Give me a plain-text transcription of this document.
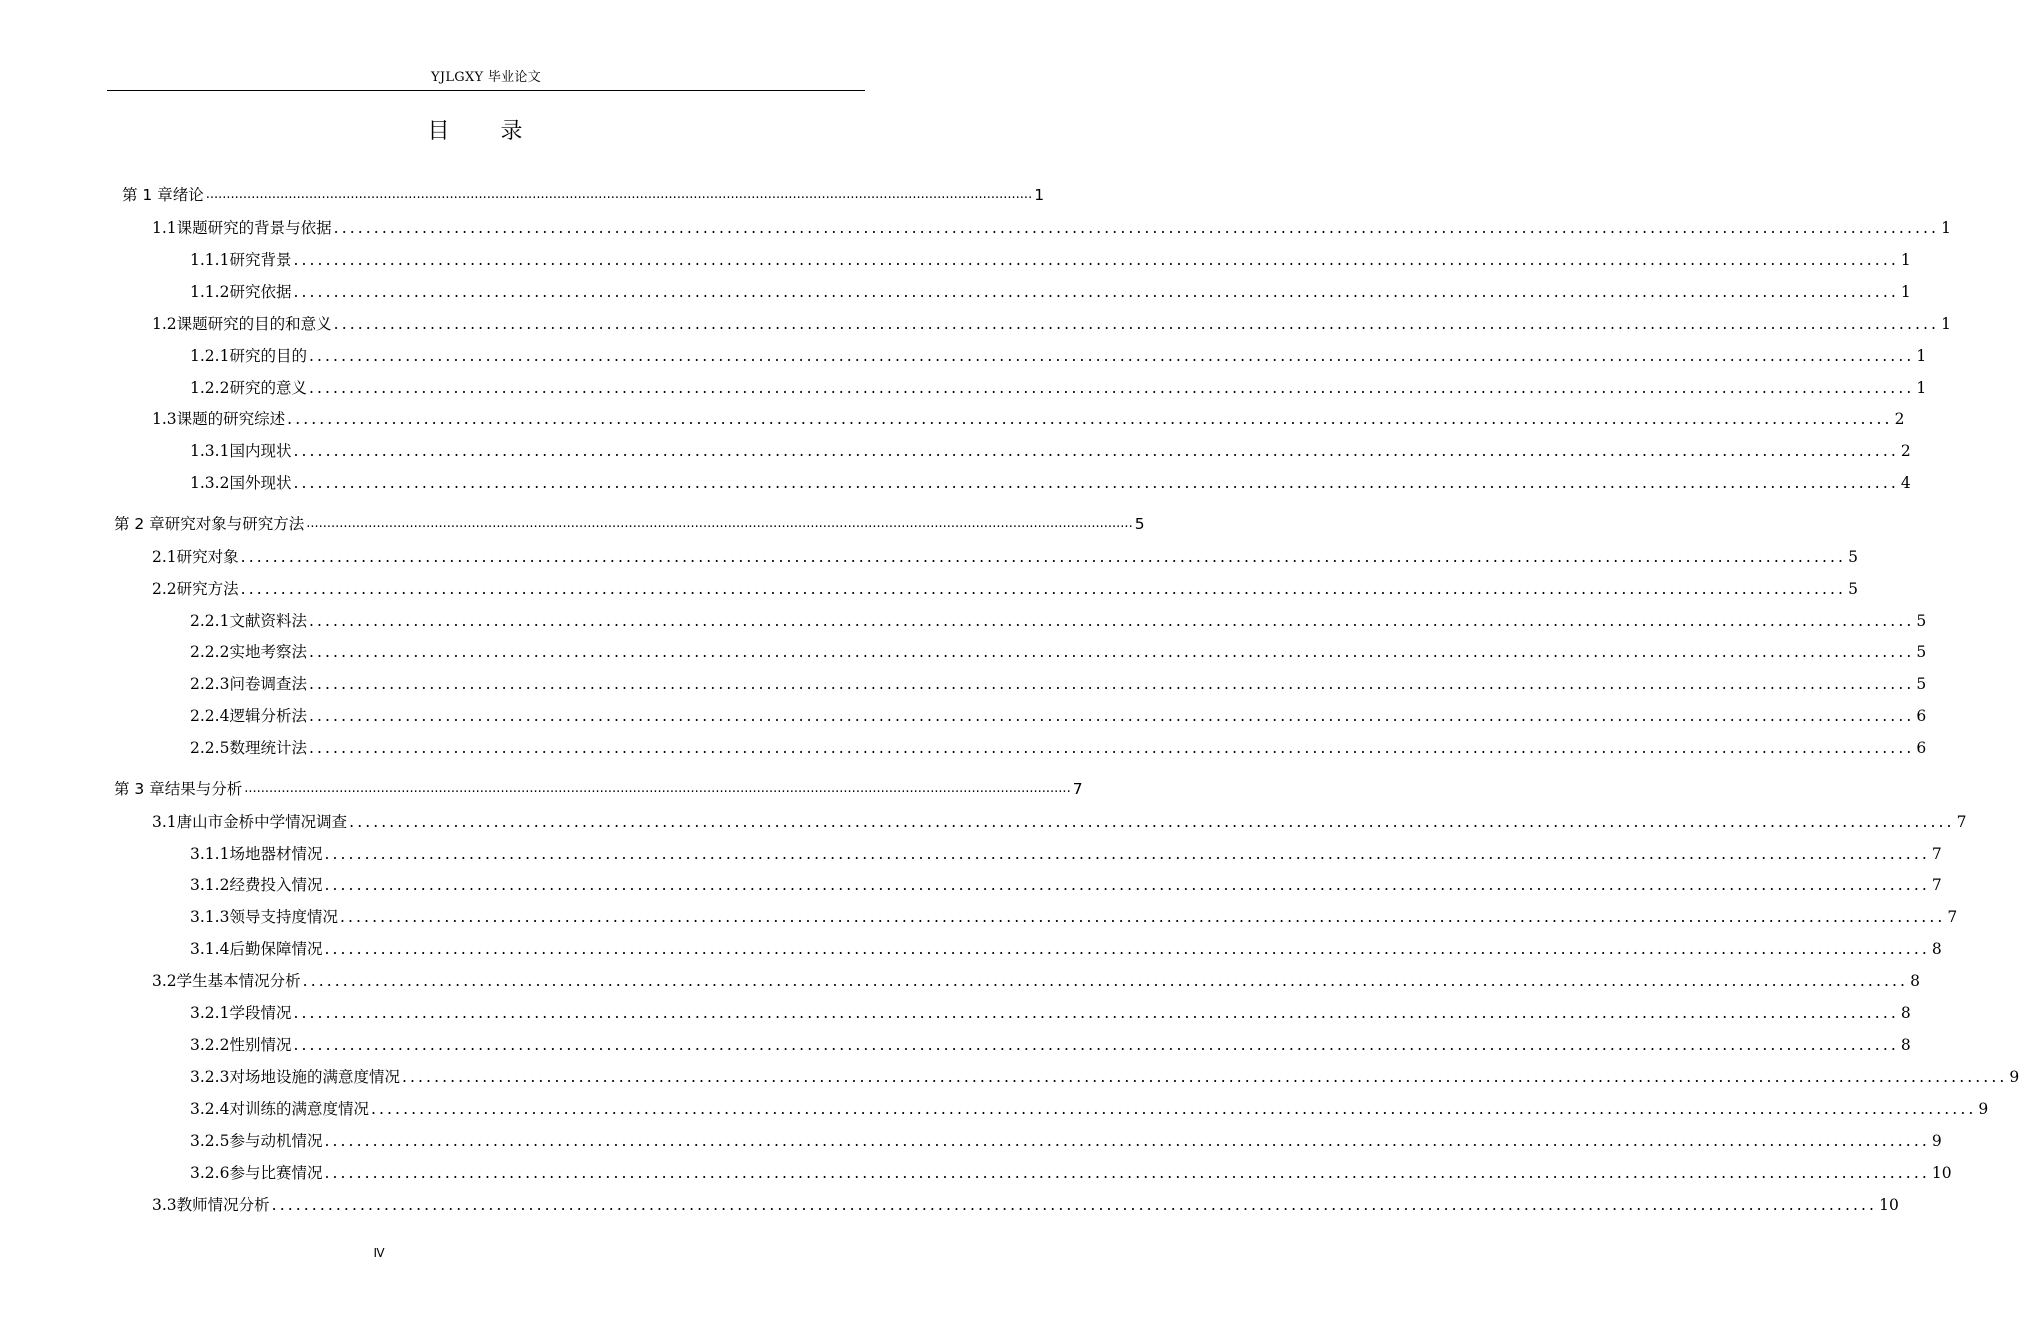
YJLGXY 毕业论文
目 录
第 1 章 绪论 ........................................................................................................................................................................................................ 1
1.1 课题研究的背景与依据 ........................................................................................................................................................................................................ 1
1.1.1 研究背景 ........................................................................................................................................................................................................ 1
1.1.2 研究依据 ........................................................................................................................................................................................................ 1
1.2 课题研究的目的和意义 ........................................................................................................................................................................................................ 1
1.2.1 研究的目的 ........................................................................................................................................................................................................ 1
1.2.2 研究的意义 ........................................................................................................................................................................................................ 1
1.3 课题的研究综述 ........................................................................................................................................................................................................ 2
1.3.1 国内现状 ........................................................................................................................................................................................................ 2
1.3.2 国外现状 ........................................................................................................................................................................................................ 4
第 2 章 研究对象与研究方法 ........................................................................................................................................................................................................ 5
2.1 研究对象 ........................................................................................................................................................................................................ 5
2.2 研究方法 ........................................................................................................................................................................................................ 5
2.2.1 文献资料法 ........................................................................................................................................................................................................ 5
2.2.2 实地考察法 ........................................................................................................................................................................................................ 5
2.2.3 问卷调查法 ........................................................................................................................................................................................................ 5
2.2.4 逻辑分析法 ........................................................................................................................................................................................................ 6
2.2.5 数理统计法 ........................................................................................................................................................................................................ 6
第 3 章 结果与分析 ........................................................................................................................................................................................................ 7
3.1 唐山市金桥中学情况调查 ........................................................................................................................................................................................................ 7
3.1.1 场地器材情况 ........................................................................................................................................................................................................ 7
3.1.2 经费投入情况 ........................................................................................................................................................................................................ 7
3.1.3 领导支持度情况 ........................................................................................................................................................................................................ 7
3.1.4 后勤保障情况 ........................................................................................................................................................................................................ 8
3.2 学生基本情况分析 ........................................................................................................................................................................................................ 8
3.2.1 学段情况 ........................................................................................................................................................................................................ 8
3.2.2 性别情况 ........................................................................................................................................................................................................ 8
3.2.3 对场地设施的满意度情况 ........................................................................................................................................................................................................ 9
3.2.4 对训练的满意度情况 ........................................................................................................................................................................................................ 9
3.2.5 参与动机情况 ........................................................................................................................................................................................................ 9
3.2.6 参与比赛情况 ........................................................................................................................................................................................................ 10
3.3 教师情况分析 ........................................................................................................................................................................................................ 10
Ⅳ
